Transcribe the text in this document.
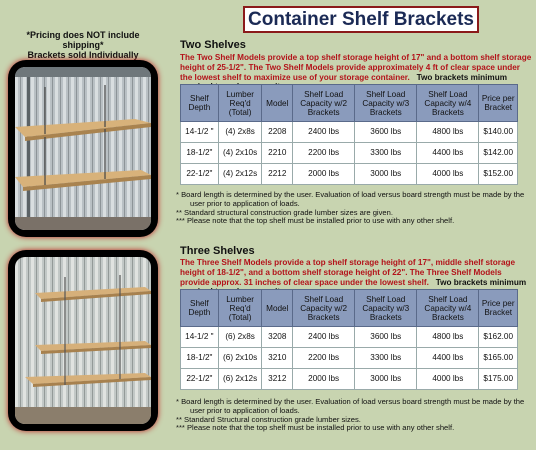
Container Shelf Brackets
*Pricing does NOT include
shipping*
Brackets sold Individually
Two Shelves
The Two Shelf Models provide a top shelf storage height of 17" and a bottom shelf storage height of 25-1/2". The Two Shelf Models provide approximately 4 ft of clear space under the lowest shelf to maximize use of your storage container. Two brackets minimum
Shelf Depth	Lumber Req'd (Total)	Model	Shelf Load Capacity w/2 Brackets	Shelf Load Capacity w/3 Brackets	Shelf Load Capacity w/4 Brackets	Price per Bracket
14-1/2 "	(4) 2x8s	2208	2400 lbs	3600 lbs	4800 lbs	$140.00
18-1/2"	(4) 2x10s	2210	2200 lbs	3300 lbs	4400 lbs	$142.00
22-1/2"	(4) 2x12s	2212	2000 lbs	3000 lbs	4000 lbs	$152.00
* Board length is determined by the user. Evaluation of load versus board strength must be made by the
user prior to application of loads.
** Standard structural construction grade lumber sizes are given.
*** Please note that the top shelf must be installed prior to use with any other shelf.
Three Shelves
The Three Shelf Models provide a top shelf storage height of 17", middle shelf storage height of 18-1/2", and a bottom shelf storage height of 22". The Three Shelf Models provide approx. 31 inches of clear space under the lowest shelf. Two brackets minimum
Shelf Depth	Lumber Req'd (Total)	Model	Shelf Load Capacity w/2 Brackets	Shelf Load Capacity w/3 Brackets	Shelf Load Capacity w/4 Brackets	Price per Bracket
14-1/2 "	(6) 2x8s	3208	2400 lbs	3600 lbs	4800 lbs	$162.00
18-1/2"	(6) 2x10s	3210	2200 lbs	3300 lbs	4400 lbs	$165.00
22-1/2"	(6) 2x12s	3212	2000 lbs	3000 lbs	4000 lbs	$175.00
* Board length is determined by the user. Evaluation of load versus board strength must be made by the
user prior to application of loads.
** Standard Structural construction grade lumber sizes.
*** Please note that the top shelf must be installed prior to use with any other shelf.
